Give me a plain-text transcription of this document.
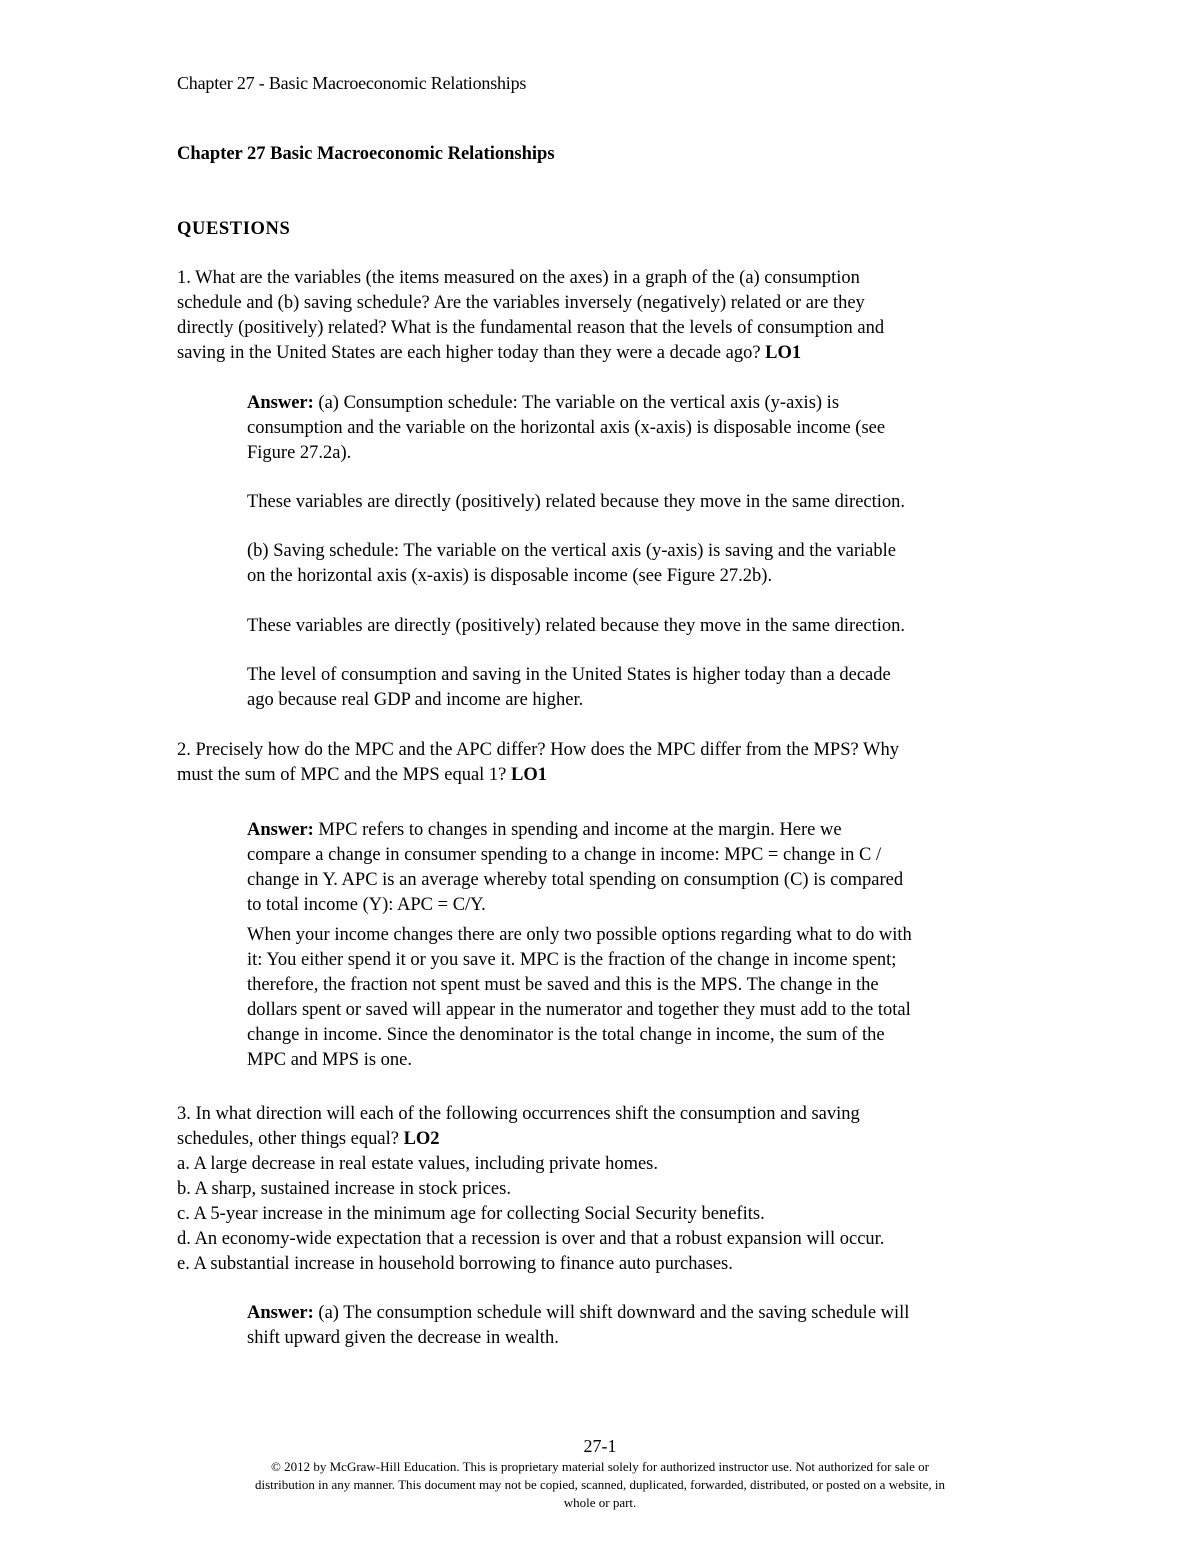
Chapter 27 - Basic Macroeconomic Relationships
Chapter 27 Basic Macroeconomic Relationships
QUESTIONS
1. What are the variables (the items measured on the axes) in a graph of the (a) consumption
schedule and (b) saving schedule? Are the variables inversely (negatively) related or are they
directly (positively) related? What is the fundamental reason that the levels of consumption and
saving in the United States are each higher today than they were a decade ago? LO1
Answer: (a) Consumption schedule: The variable on the vertical axis (y-axis) is
consumption and the variable on the horizontal axis (x-axis) is disposable income (see
Figure 27.2a).
These variables are directly (positively) related because they move in the same direction.
(b) Saving schedule: The variable on the vertical axis (y-axis) is saving and the variable
on the horizontal axis (x-axis) is disposable income (see Figure 27.2b).
These variables are directly (positively) related because they move in the same direction.
The level of consumption and saving in the United States is higher today than a decade
ago because real GDP and income are higher.
2. Precisely how do the MPC and the APC differ? How does the MPC differ from the MPS? Why
must the sum of MPC and the MPS equal 1? LO1
Answer: MPC refers to changes in spending and income at the margin. Here we
compare a change in consumer spending to a change in income: MPC = change in C /
change in Y. APC is an average whereby total spending on consumption (C) is compared
to total income (Y): APC = C/Y.
When your income changes there are only two possible options regarding what to do with
it: You either spend it or you save it. MPC is the fraction of the change in income spent;
therefore, the fraction not spent must be saved and this is the MPS. The change in the
dollars spent or saved will appear in the numerator and together they must add to the total
change in income. Since the denominator is the total change in income, the sum of the
MPC and MPS is one.
3. In what direction will each of the following occurrences shift the consumption and saving
schedules, other things equal? LO2
a. A large decrease in real estate values, including private homes.
b. A sharp, sustained increase in stock prices.
c. A 5-year increase in the minimum age for collecting Social Security benefits.
d. An economy-wide expectation that a recession is over and that a robust expansion will occur.
e. A substantial increase in household borrowing to finance auto purchases.
Answer: (a) The consumption schedule will shift downward and the saving schedule will
shift upward given the decrease in wealth.
27-1
© 2012 by McGraw-Hill Education. This is proprietary material solely for authorized instructor use. Not authorized for sale or
distribution in any manner. This document may not be copied, scanned, duplicated, forwarded, distributed, or posted on a website, in
whole or part.
